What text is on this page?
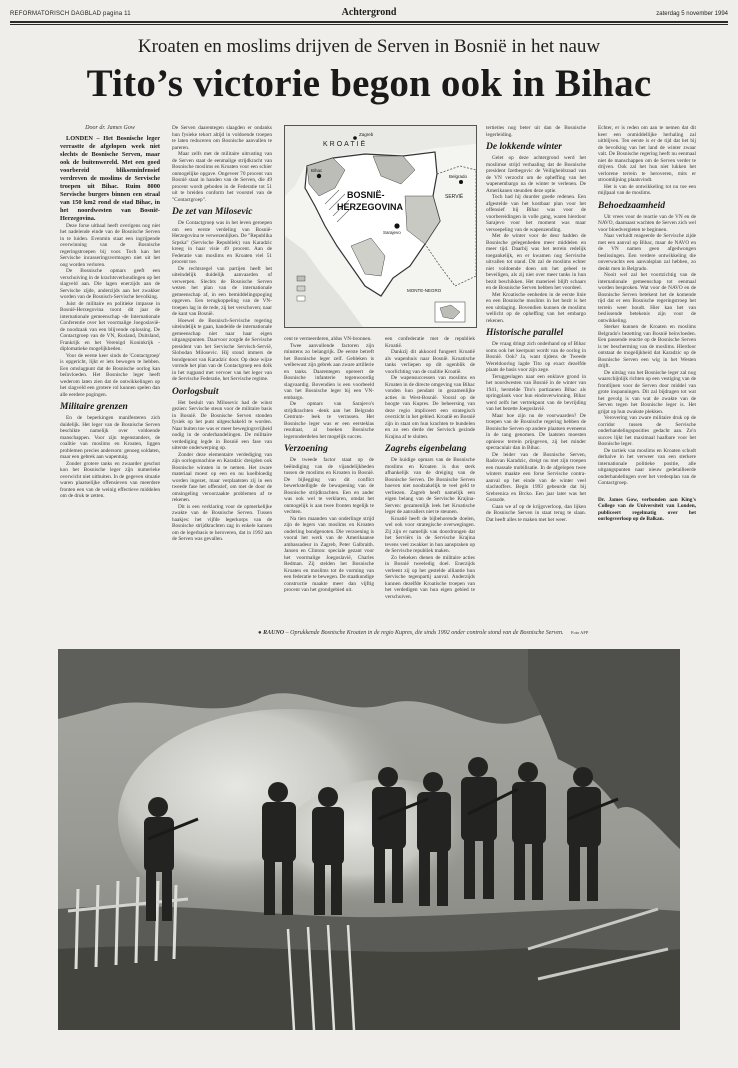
REFORMATORISCH DAGBLAD pagina 11	Achtergrond	zaterdag 5 november 1994
Kroaten en moslims drijven de Serven in Bosnië in het nauw
Tito’s victorie begon ook in Bihac
Door dr. James Gow

LONDEN – Het Bosnische leger verrastte de afgelopen week niet slechts de Bosnische Serven, maar ook de buitenwereld. Met een goed voorbereid blikseminfensief verdreven de moslims de Servische troepen uit Bihac. Ruim 8000 Servische burgers binnen een straal van 150 km2 rond de stad Bihac, in het noordwesten van Bosnië-Herzegovina.

Deze forse uitbaal heeft overigens nog niet het nadelende einde van de Bosnische Serven in te luiden. Evenmin staat een ingrijpende overwinning van de Bosnische regeringstroepen bij voor. Toch kan het Servische incasseringsvermogen niet uit het oog worden verloren.

De Bosnische opmars geeft een verschuiving in de krachtsverhoudingen op het slagveld aan. Die lagen enerzijds aan de Servische zijde, anderzijds aan het zwakker worden van de Bosnisch-Servische bevolking.

Juist de militaire en politieke impasse in Bosnië-Herzegovina toont dit jaar de internationale gemeenschap -de Internationale Conferentie over het voormalige Joegoslavië- de noodzaak van een blijvende oplossing. De Contactgroep van de VN, Rusland, Duitsland, Frankrijk en het Verenigd Koninkrijk -diplomatieke mogelijkheden.

Voor de eerste keer sinds de 'Contactgroep' is opgericht, lijkt er iets bewogen te hebben. Een omslagpunt dat de Bosnische oorlog kan beïnvloeden. Het Bosnische leger heeft wederom laten zien dat de ontwikkelingen op het slagveld een grotere rol kunnen spelen dan alle eerdere pogingen.

Militaire grenzen

En de beperkingen manifesteren zich duidelijk. Het leger van de Bosnische Serven beschikte namelijk over voldoende manschappen. Voor zijn tegenstanders, de coalitie van moslims en Kroaten, liggen problemen precies andersom: genoeg soldaten, maar een gebrek aan wapentuig.

Zonder grotere tanks en zwaarder geschut kon het Bosnische leger zijn numerieke overwicht niet uitbuiten. In de gegeven situatie waren plaatselijke offensieven van meerdere fronten een van de weinig effectieve middelen om de druk te zetten.

De Serven daarentegen slaagden er ondanks hun fysieke tekort altijd in voldoende troepen te laten reduceren om Bosnische aanvallen te pareren.

Maar zelfs met de militaire uitrusting van de Serven staat de eenmalige strijdkracht van Bosnische moslims en Kroaten voor een schier onmogelijke opgave. Ongeveer 70 procent van Bosnië staat in handen van de Serven, die 49 procent wordt geboden in de Federatie tot 51 uit te breiden conform het voorstel van de "Contactgroep".

De zet van Milosevic

De Contactgroep was in het leven geroepen om een eerste verdeling van Bosnië-Herzegovina te verwezenlijken. De "Republika Srpska" (Servische Republiek) van Karadzic kreeg in haar visie 49 procent. Aan de Federatie van moslims en Kroaten viel 51 procent toe.

De rechtsregel van partijen heeft het uiteindelijk duidelijk aanvaarden of verwerpen. Slechts de Bosnische Serven wezen het plan van de internationale gemeenschap af, in een bemiddelingspoging opgeven. Een terugkoppeling van de VN-troepen lag in de rede, zij het verschoven; naar de kant van Bosnië.

Hoewel de Bosnisch-Servische regering uiteindelijk te gaan, handelde de internationale gemeenschap niet naar haar eigen uitgangspunten. Daarvoor zorgde de Servische president van het Servische Servisch-Servië, Slobodan Milosevic. Hij stond immers de bondgenoot van Karadzic door. Op deze wijze vormde het plan van de Contactgroep een dolk in het rugpand met vervoer van het leger van de Servische Federatie, het Servische regime.

Oorlogsbuit

Het besluit van Milosevic had de winst gezien: Servische steun voor de militaire basis in Bosnië. De Bosnische Serven stonden fysiek op het punt uitgeschakeld te worden. Naar buiten toe was er meer bewegingsvrijheid nodig in de onderhandelingen. De militaire verdediging legde in Bosnië een fase van uiterste onderwerping op.

Zonder deze elementaire verdediging van zijn oorlogsmachine en Karadzic dreigden ook Bosnische winsten in te nemen. Het zware materiaal moest op een en nu koelbloedig worden ingezet, maar verplaatsten zij in een tweede fase het offensief, om met de door de omsingeling veroorzaakte problemen af te rekenen.

Dit is een verklaring voor de opmerkelijke zwakte van de Bosnische Serven. Tussen haakjes: het vijfde legerkorps van de Bosnische strijdkrachten zag in enkele kansen om de legerbasis te heroveren, dat in 1992 aan de Serven was gevallen.

KROATIË
BOSNIË-
HERZEGOVINA
SERVIË
Bihac
Sarajevo
MONTE-NEGRO
Belgrado
Zagreb

cent te vermeerderen, aldus VN-bronnen.

Twee aanvullende factoren zijn minstens zo belangrijk. De eerste betreft het Bosnische leger zelf. Gebleken is welbewust zijn gebrek aan zware artillerie en tanks. Daarentegen opereert de Bosnische infanterie tegenwoordig slagvaardig. Bovendien is een voorbeeld van het Bosnische leger bij een VN-embargo.

De opmars van Sarajevo's strijdkrachten -denk aan het Belgrado Centrum- leek te verrassen. Het Bosnische leger was er een eersteklas resultaat, al boeken Bosnische legeronderdelen het mogelijk succes.

Verzoening

De tweede factor staat op de beëindiging van de vijandelijkheden tussen de moslims en Kroaten in Bosnië. De bijlegging van dit conflict bewerkstelligde de bewapening van de Bosnische strijdkrachten. Een en ander was ook wel te verklaren, omdat het onmogelijk is aan twee fronten tegelijk te vechten.

Na tien maanden van onderlinge strijd zijn de legers van moslims en Kroaten onderling bondgenoten. Die verzoening is vooral het werk van de Amerikaanse ambassadeur in Zagreb, Peter Galbraith. Jansen en Clinton: speciale gezant voor het voormalige Joegoslavië, Charles Redman. Zij stelden het Bosnische Kroaten en moslims tot de vorming van een federatie te bewegen. De staatkundige constructie maakte meer dan vijftig procent van het grondgebied uit.

een confederatie met de republiek Kroatië.

Dankzij dit akkoord fungeert Kroatië als wapenhuis naar Bosnië. Kroatische tanks verliepen op dit ogenblik de voorlichting van de coalitie Kroatië.

De wapensuccessen van moslims en Kroaten in de directe omgeving van Bihac vonden hun pendant in gezamenlijke acties in West-Bosnië. Vooral op de hoogte van Kupres. De beheersing van deze regio impliceert een strategisch overzicht in het gebied. Kroatië en Bosnië zijn in staat om hun krachten te bundelen en zo een derde der Servisch gezinde Krajina af te sluiten.

Zagrebs eigenbelang

De huidige opmars van de Bosnische moslims en Kroaten is dus sterk afhankelijk van de dreiging van de Bosnische Serven. De Bosnische Serven hoeven niet noodzakelijk te veel geld te verliezen. Zagreb heeft namelijk een eigen belang van de Servische Krajina-Serven: gezamenlijk leek het Kroatische leger de aanvallers niet te steunen.

Kroatië heeft de bijbehorende doelen, wel ook voor strategische overwegingen. Zij zijn er namelijk van doordrongen dat het Serviërs in de Servische Krajina tevens veel zwakker in hun aanspraken op de Servische republiek maken.

Zo bekeken dienen de militaire acties in Bosnië tweeledig doel. Enerzijds verleent zij op het gestelde alliantie hun Servische tegenpartij aanval. Anderzijds kunnen dezelfde Kroatische troepen van het verdedigen van hun eigen gebied te verschuiven.

tertieties nog beter uit dan de Bosnische legerleiding.

De lokkende winter

Gelet op deze achtergrond werd het moslimse strijd verhaaling dat de Bosnische president Izetbegovic de Veiligheidsraad van de VN verzocht om de opheffing van het wapenembargo na de winter te verlenen. De Amerikanen steunden deze optie.

Toch had hij duurder goede redenen. Een afgestelde van het kostbaar plan voor het offensief bij Bihac was voor de voorbereidingen in volle gang, waren hierdoor Sarajevo voor het moment was maar versoepeling van de wapenzending.

Met de winter voor de deur hadden de Bosnische gelegenheden meer middelen en meer tijd. Daarbij was het terrein redelijk toegankelijk, en er kwamen nog Servische uitvallen tot stand. Dit zal de moslims echter niet voldoende doen om het geheel te beveiligen, als zij niet over meer tanks in hun bezit beschikken. Het materieel blijft schaars en de Bosnische Serven hebben het voordeel.

Met Kroatische eenheden in de eerste linie en een Bosnische moslims in het bezit is het een uitdaging. Bovendien kunnen de moslims wellicht op de opheffing van het embargo rekenen.

Historische parallel

De vraag dringt zich onderhand op of Bihac soms ook het keerpunt wordt van de oorlog in Bosnië. Ook? Ja, want tijdens de Tweede Wereldoorlog lagde Tito op exact dezelfde plaats de basis voor zijn zege.

Teruggeslagen naar een enklave grond in het noordwesten van Bosnië in de winter van 1941, herstelde Tito's partizanen Bihac als springplank voor hun eindoverwinning. Bihac werd zelfs het vertrekpunt van de bevrijding van het bezette Joegoslavië.

Maar hoe zijn nu de voorwaarden? De troepen van de Bosnische regering hebben de Bosnische Serven op andere plaatsen eveneens in de tang genomen. De laatsten moesten opnieuw terrein prijsgeven, zij het minder spectaculair dan in Bihac.

De leider van de Bosnische Serven, Radovan Karadzic, dreigt nu met zijn troepen een massale mobilisatie. In de afgelopen twee winters maakte een forse Servische contra-aanval op het einde van de winter veel slachtoffers. Begin 1993 gebeurde dat bij Srebrenica en Brcko. Een jaar later was het Gorazde.

Gaan we af op de krijgsverloop, dan lijken de Bosnische Serven in staat terug te slaan. Dat heeft alles te maken met het weer.

Echter, er is reden om aan te nemen dat dit keer een onmiddellijke herhaling zal uitblijven. Ten eerste is er de tijd dat het bij de bevolking van het land de winter zwaar valt. De Bosnische regering heeft nu eenmaal niet de manschappen om de Serven verder te drijven. Ook zal het hun niet lukken het verlorene terrein te heroveren, mits er stroomlijning plaatsvindt.

Het is van de ontwikkeling tot nu toe een mijlpaal van de moslims.

Behoedzaamheid

Uit vrees voor de reactie van de VN en de NAVO, daarnaast wachten de Serven zich wel voor bloedvergieten te beginnen.

Naar verluidt reageerde de Servische zijde met een aanval op Bihac, maar de NAVO en de VN namen geen afgedwongen beslissingen. Een verdere ontwikkeling die onverwachts een aanvalsplan zal hebben, zo denkt men in Belgrado.

Nooit wel zal het voortzichtig van de internationale gemeenschap tot eenmaal worden besproken. Wat voor de NAVO en de Bosnische Serven betekent het de komende tijd dat er een Bosnische regeringstroep het terrein weer houdt. Hier kan het van beslissende betekenis zijn voor de ontwikkeling.

Sterker kunnen de Kroaten en moslims Belgrado's bezetting van Bosnië beïnvloeden. Een passende reactie op de Bosnische Serven is ter bescherming van de moslims. Hierdoor ontstaat de mogelijkheid dat Karadzic op de Bosnische Serven een wig in het Westen drijft.

De uitslag van het Bosnische leger zal nog waarschijnlijk richten op een vestiging van de frontlijnen voor de Serven door middel van grote inspanningen. Dit zal bijdragen tot wat het gevolg is van wat de zwakte van de Serven tegen het Bosnische leger is. Het grijpt op hun zwakste plekken.

Verovering van zware militaire druk op de corridor tussen de Servische onderhandelingsposities gedacht aan. Zo'n succes lijkt het maximaal haalbare voor het Bosnische leger.

De tactiek van moslims en Kroaten schudt derhalve in het verweer van een sterkere internationale politieke positie, alle uitgangspunten naar nieuw gedetailleerde onderhandelingen over het vredesplan van de Contactgroep.

Dr. James Gow, verbonden aan King's College van de Universiteit van Londen, publiceert regelmatig over het oorlogsverloop op de Balkan.
● RAUNO – Oprukkende Bosnische Kroaten in de regio Kupres, die sinds 1992 onder controle stond van de Bosnische Serven. Foto AFP
